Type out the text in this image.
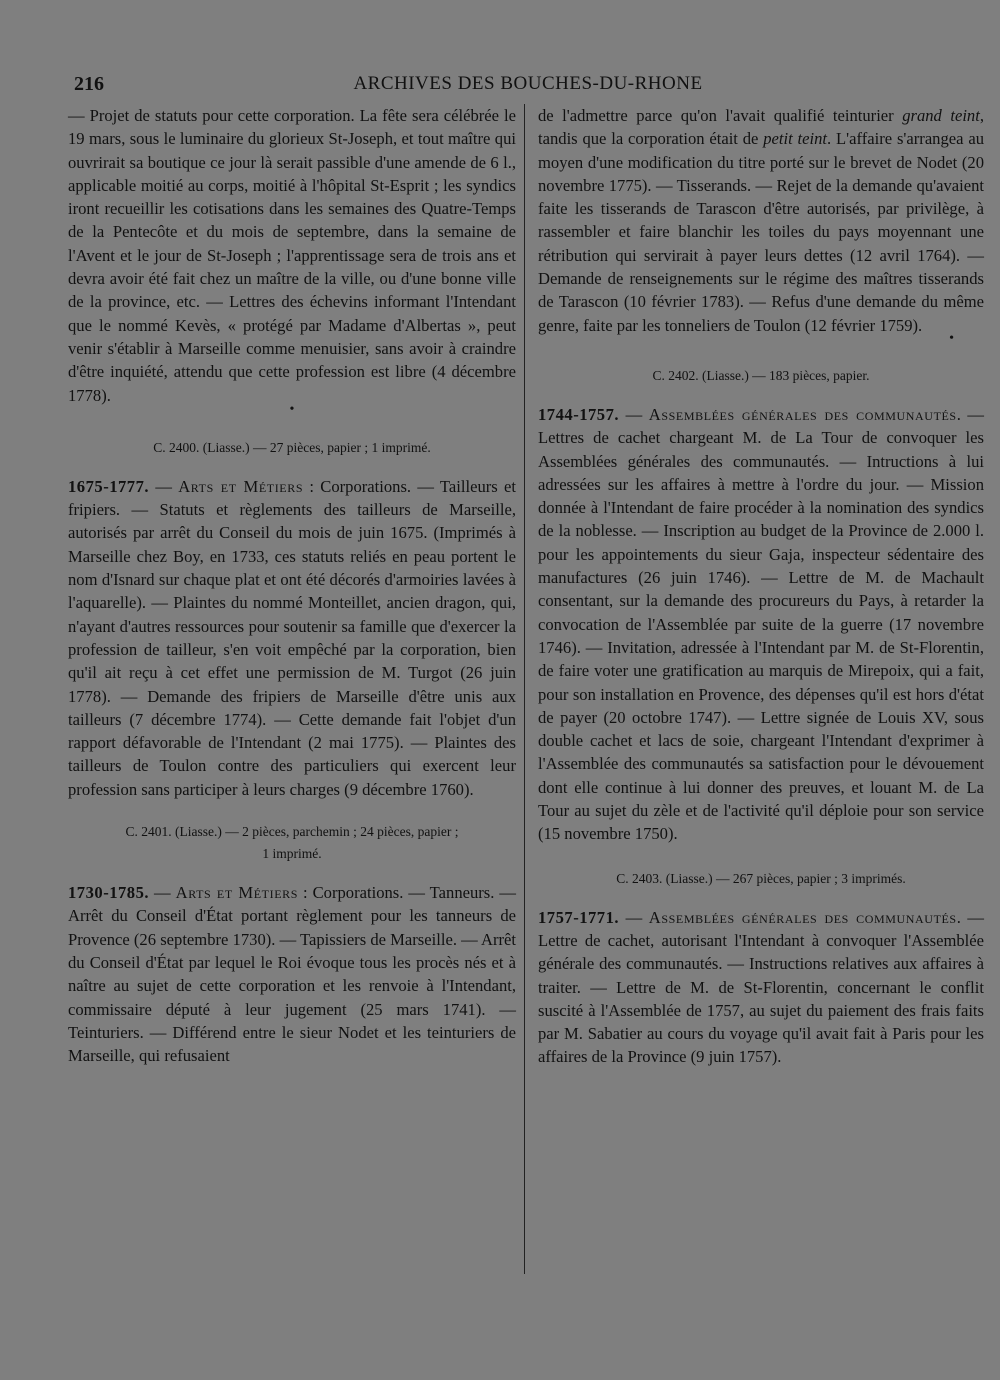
216	ARCHIVES DES BOUCHES-DU-RHONE

— Projet de statuts pour cette corporation. La fête sera célébrée le 19 mars, sous le luminaire du glorieux St-Joseph, et tout maître qui ouvrirait sa boutique ce jour là serait passible d'une amende de 6 l., applicable moitié au corps, moitié à l'hôpital St-Esprit ; les syndics iront recueillir les cotisations dans les semaines des Quatre-Temps de la Pentecôte et du mois de septembre, dans la semaine de l'Avent et le jour de St-Joseph ; l'apprentissage sera de trois ans et devra avoir été fait chez un maître de la ville, ou d'une bonne ville de la province, etc. — Lettres des échevins informant l'Intendant que le nommé Kevès, « protégé par Madame d'Albertas », peut venir s'établir à Marseille comme menuisier, sans avoir à craindre d'être inquiété, attendu que cette profession est libre (4 décembre 1778).

•
C. 2400. (Liasse.) — 27 pièces, papier ; 1 imprimé.

1675-1777. — Arts et Métiers : Corporations. — Tailleurs et fripiers. — Statuts et règlements des tailleurs de Marseille, autorisés par arrêt du Conseil du mois de juin 1675. (Imprimés à Marseille chez Boy, en 1733, ces statuts reliés en peau portent le nom d'Isnard sur chaque plat et ont été décorés d'armoiries lavées à l'aquarelle). — Plaintes du nommé Monteillet, ancien dragon, qui, n'ayant d'autres ressources pour soutenir sa famille que d'exercer la profession de tailleur, s'en voit empêché par la corporation, bien qu'il ait reçu à cet effet une permission de M. Turgot (26 juin 1778). — Demande des fripiers de Marseille d'être unis aux tailleurs (7 décembre 1774). — Cette demande fait l'objet d'un rapport défavorable de l'Intendant (2 mai 1775). — Plaintes des tailleurs de Toulon contre des particuliers qui exercent leur profession sans participer à leurs charges (9 décembre 1760).

C. 2401. (Liasse.) — 2 pièces, parchemin ; 24 pièces, papier ;
1 imprimé.

1730-1785. — Arts et Métiers : Corporations. — Tanneurs. — Arrêt du Conseil d'État portant règlement pour les tanneurs de Provence (26 septembre 1730). — Tapissiers de Marseille. — Arrêt du Conseil d'État par lequel le Roi évoque tous les procès nés et à naître au sujet de cette corporation et les renvoie à l'Intendant, commissaire député à leur jugement (25 mars 1741). — Teinturiers. — Différend entre le sieur Nodet et les teinturiers de Marseille, qui refusaient

de l'admettre parce qu'on l'avait qualifié teinturier grand teint, tandis que la corporation était de petit teint. L'affaire s'arrangea au moyen d'une modification du titre porté sur le brevet de Nodet (20 novembre 1775). — Tisserands. — Rejet de la demande qu'avaient faite les tisserands de Tarascon d'être autorisés, par privilège, à rassembler et faire blanchir les toiles du pays moyennant une rétribution qui servirait à payer leurs dettes (12 avril 1764). — Demande de renseignements sur le régime des maîtres tisserands de Tarascon (10 février 1783). — Refus d'une demande du même genre, faite par les tonneliers de Toulon (12 février 1759).

•
C. 2402. (Liasse.) — 183 pièces, papier.

1744-1757. — Assemblées générales des communautés. — Lettres de cachet chargeant M. de La Tour de convoquer les Assemblées générales des communautés. — Intructions à lui adressées sur les affaires à mettre à l'ordre du jour. — Mission donnée à l'Intendant de faire procéder à la nomination des syndics de la noblesse. — Inscription au budget de la Province de 2.000 l. pour les appointements du sieur Gaja, inspecteur sédentaire des manufactures (26 juin 1746). — Lettre de M. de Machault consentant, sur la demande des procureurs du Pays, à retarder la convocation de l'Assemblée par suite de la guerre (17 novembre 1746). — Invitation, adressée à l'Intendant par M. de St-Florentin, de faire voter une gratification au marquis de Mirepoix, qui a fait, pour son installation en Provence, des dépenses qu'il est hors d'état de payer (20 octobre 1747). — Lettre signée de Louis XV, sous double cachet et lacs de soie, chargeant l'Intendant d'exprimer à l'Assemblée des communautés sa satisfaction pour le dévouement dont elle continue à lui donner des preuves, et louant M. de La Tour au sujet du zèle et de l'activité qu'il déploie pour son service (15 novembre 1750).

C. 2403. (Liasse.) — 267 pièces, papier ; 3 imprimés.

1757-1771. — Assemblées générales des communautés. — Lettre de cachet, autorisant l'Intendant à convoquer l'Assemblée générale des communautés. — Instructions relatives aux affaires à traiter. — Lettre de M. de St-Florentin, concernant le conflit suscité à l'Assemblée de 1757, au sujet du paiement des frais faits par M. Sabatier au cours du voyage qu'il avait fait à Paris pour les affaires de la Province (9 juin 1757).
